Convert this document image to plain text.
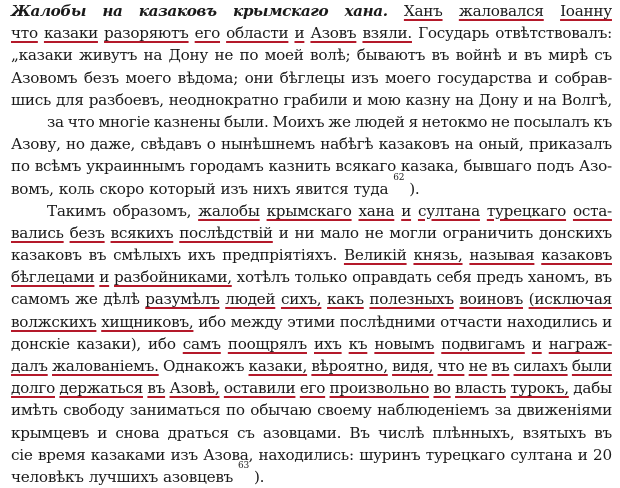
Жалобы на казаковъ крымскаго хана. Ханъ жаловался Іоанну
что казаки разоряютъ его области и Азовъ взяли. Государь отвѣтствовалъ:
„казаки живутъ на Дону не по моей волѣ; бываютъ въ войнѣ и въ мирѣ съ
Азовомъ безъ моего вѣдома; они бѣглецы изъ моего государства и собрав-
шись для разбоевъ, неоднократно грабили и мою казну на Дону и на Волгѣ,
за что многіе казнены были. Моихъ же людей я нетокмо не посылалъ къ
Азову, но даже, свѣдавъ о нынѣшнемъ набѣгѣ казаковъ на оный, приказалъ
по всѣмъ украиннымъ городамъ казнить всякаго казака, бывшаго подъ Азо-
вомъ, коль скоро который изъ нихъ явится туда
62
).
Такимъ образомъ, жалобы крымскаго хана и султана турецкаго оста-
вались безъ всякихъ послѣдствій и ни мало не могли ограничить донскихъ
казаковъ въ смѣлыхъ ихъ предпріятіяхъ. Великій князь, называя казаковъ
бѣглецами и разбойниками, хотѣлъ только оправдать себя предъ ханомъ, въ
самомъ же дѣлѣ разумѣлъ людей сихъ, какъ полезныхъ воиновъ (исключая
волжскихъ хищниковъ, ибо между этими послѣдними отчасти находились и
донскіе казаки), ибо самъ поощрялъ ихъ къ новымъ подвигамъ и награж-
далъ жалованіемъ. Однакожъ казаки, вѣроятно, видя, что не въ силахъ были
долго держаться въ Азовѣ, оставили его произвольно во власть турокъ, дабы
имѣть свободу заниматься по обычаю своему наблюденіемъ за движеніями
крымцевъ и снова драться съ азовцами. Въ числѣ плѣнныхъ, взятыхъ въ
сіе время казаками изъ Азова, находились: шуринъ турецкаго султана и 20
человѣкъ лучшихъ азовцевъ
63
).
